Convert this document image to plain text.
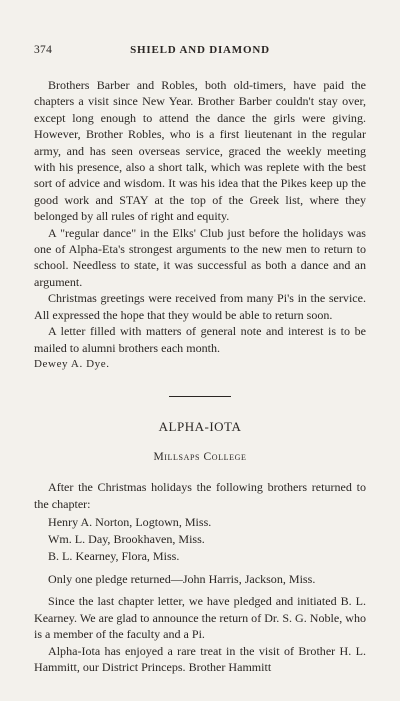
374	SHIELD AND DIAMOND

Brothers Barber and Robles, both old-timers, have paid the chapters a visit since New Year. Brother Barber couldn't stay over, except long enough to attend the dance the girls were giving. However, Brother Robles, who is a first lieutenant in the regular army, and has seen overseas service, graced the weekly meeting with his presence, also a short talk, which was replete with the best sort of advice and wisdom. It was his idea that the Pikes keep up the good work and STAY at the top of the Greek list, where they belonged by all rules of right and equity.

A "regular dance" in the Elks' Club just before the holidays was one of Alpha-Eta's strongest arguments to the new men to return to school. Needless to state, it was successful as both a dance and an argument.

Christmas greetings were received from many Pi's in the service. All expressed the hope that they would be able to return soon.

A letter filled with matters of general note and interest is to be mailed to alumni brothers each month.

Dewey A. Dye.

ALPHA-IOTA
Millsaps College

After the Christmas holidays the following brothers returned to the chapter:

Henry A. Norton, Logtown, Miss.
Wm. L. Day, Brookhaven, Miss.
B. L. Kearney, Flora, Miss.

Only one pledge returned—John Harris, Jackson, Miss.

Since the last chapter letter, we have pledged and initiated B. L. Kearney. We are glad to announce the return of Dr. S. G. Noble, who is a member of the faculty and a Pi.

Alpha-Iota has enjoyed a rare treat in the visit of Brother H. L. Hammitt, our District Princeps. Brother Hammitt
